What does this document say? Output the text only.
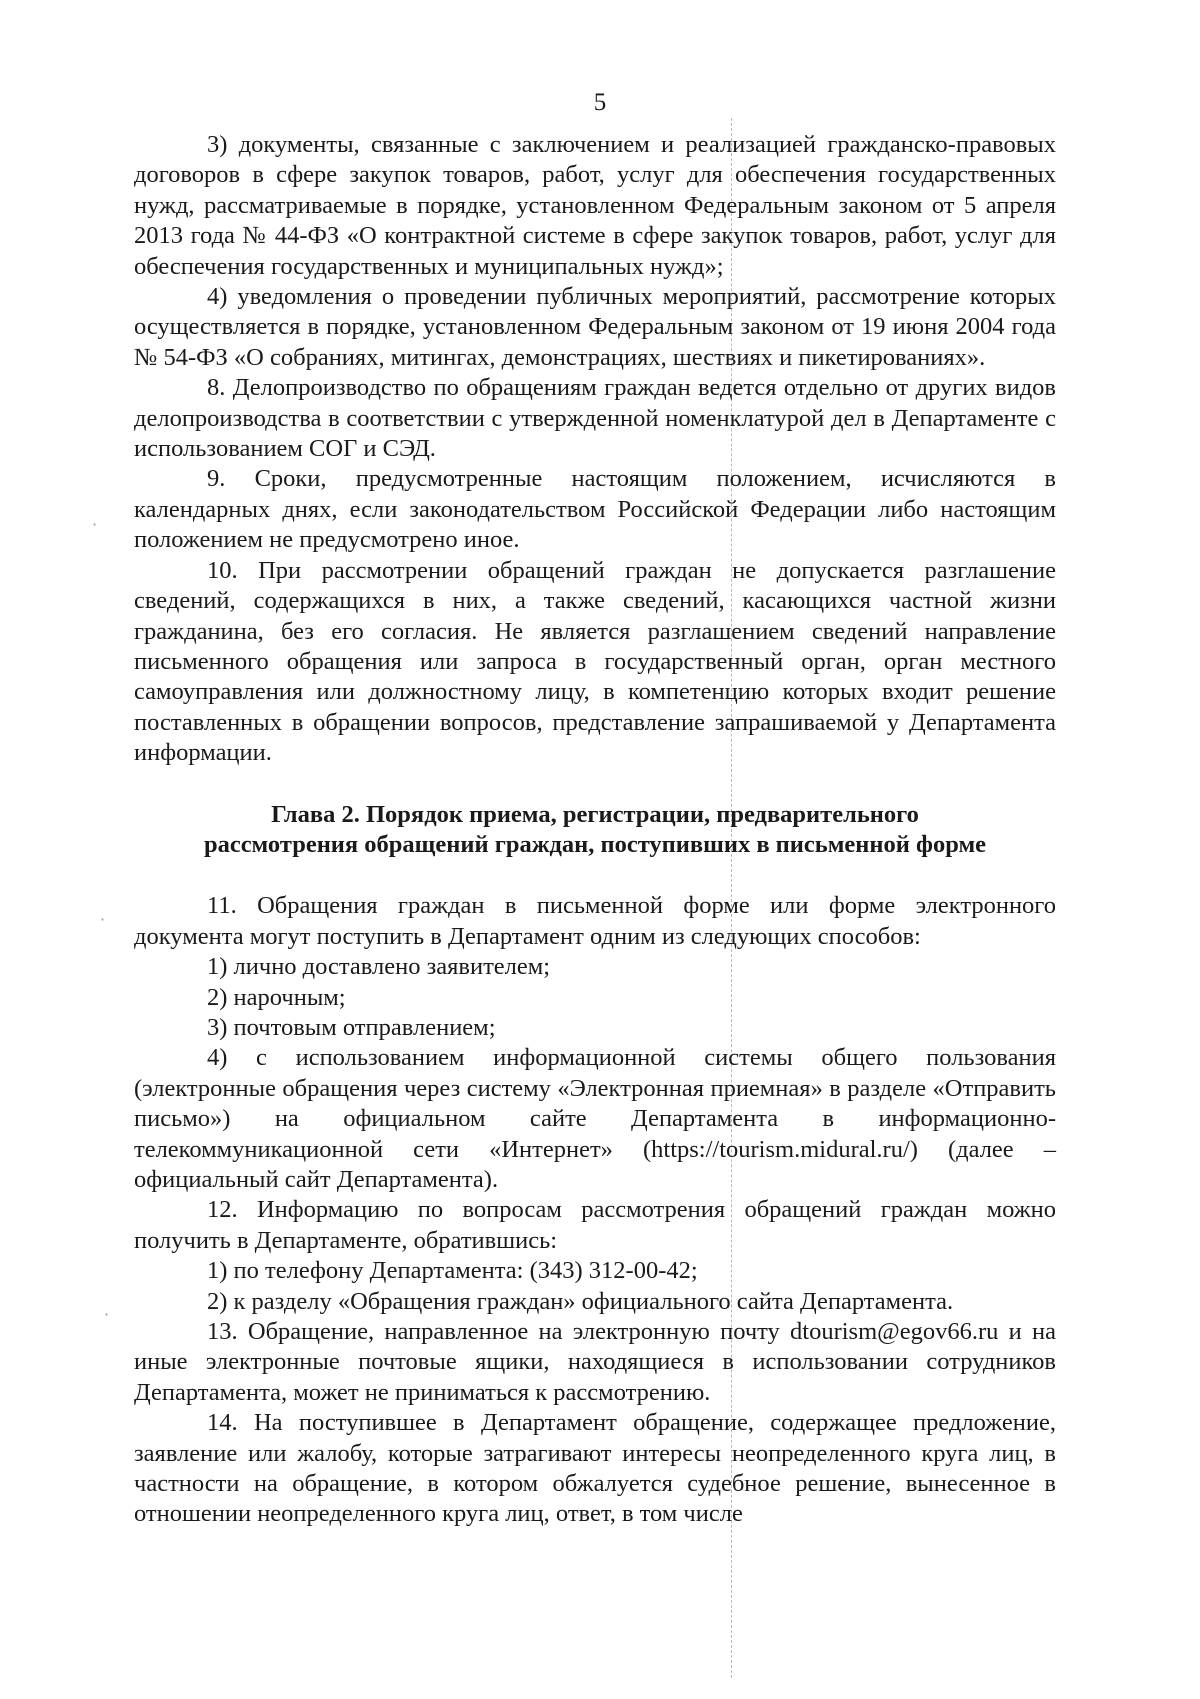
·
·
·
5

3) документы, связанные с заключением и реализацией гражданско-правовых договоров в сфере закупок товаров, работ, услуг для обеспечения государственных нужд, рассматриваемые в порядке, установленном Федеральным законом от 5 апреля 2013 года № 44-ФЗ «О контрактной системе в сфере закупок товаров, работ, услуг для обеспечения государственных и муниципальных нужд»;

4) уведомления о проведении публичных мероприятий, рассмотрение которых осуществляется в порядке, установленном Федеральным законом от 19 июня 2004 года № 54-ФЗ «О собраниях, митингах, демонстрациях, шествиях и пикетированиях».

8. Делопроизводство по обращениям граждан ведется отдельно от других видов делопроизводства в соответствии с утвержденной номенклатурой дел в Департаменте с использованием СОГ и СЭД.

9. Сроки, предусмотренные настоящим положением, исчисляются в календарных днях, если законодательством Российской Федерации либо настоящим положением не предусмотрено иное.

10. При рассмотрении обращений граждан не допускается разглашение сведений, содержащихся в них, а также сведений, касающихся частной жизни гражданина, без его согласия. Не является разглашением сведений направление письменного обращения или запроса в государственный орган, орган местного самоуправления или должностному лицу, в компетенцию которых входит решение поставленных в обращении вопросов, представление запрашиваемой у Департамента информации.

Глава 2. Порядок приема, регистрации, предварительного
рассмотрения обращений граждан, поступивших в письменной форме

11. Обращения граждан в письменной форме или форме электронного документа могут поступить в Департамент одним из следующих способов:

1) лично доставлено заявителем;

2) нарочным;

3) почтовым отправлением;

4) с использованием информационной системы общего пользования (электронные обращения через систему «Электронная приемная» в разделе «Отправить письмо») на официальном сайте Департамента в информационно-телекоммуникационной сети «Интернет» (https://tourism.midural.ru/) (далее – официальный сайт Департамента).

12. Информацию по вопросам рассмотрения обращений граждан можно получить в Департаменте, обратившись:

1) по телефону Департамента: (343) 312-00-42;

2) к разделу «Обращения граждан» официального сайта Департамента.

13. Обращение, направленное на электронную почту dtourism@egov66.ru и на иные электронные почтовые ящики, находящиеся в использовании сотрудников Департамента, может не приниматься к рассмотрению.

14. На поступившее в Департамент обращение, содержащее предложение, заявление или жалобу, которые затрагивают интересы неопределенного круга лиц, в частности на обращение, в котором обжалуется судебное решение, вынесенное в отношении неопределенного круга лиц, ответ, в том числе
